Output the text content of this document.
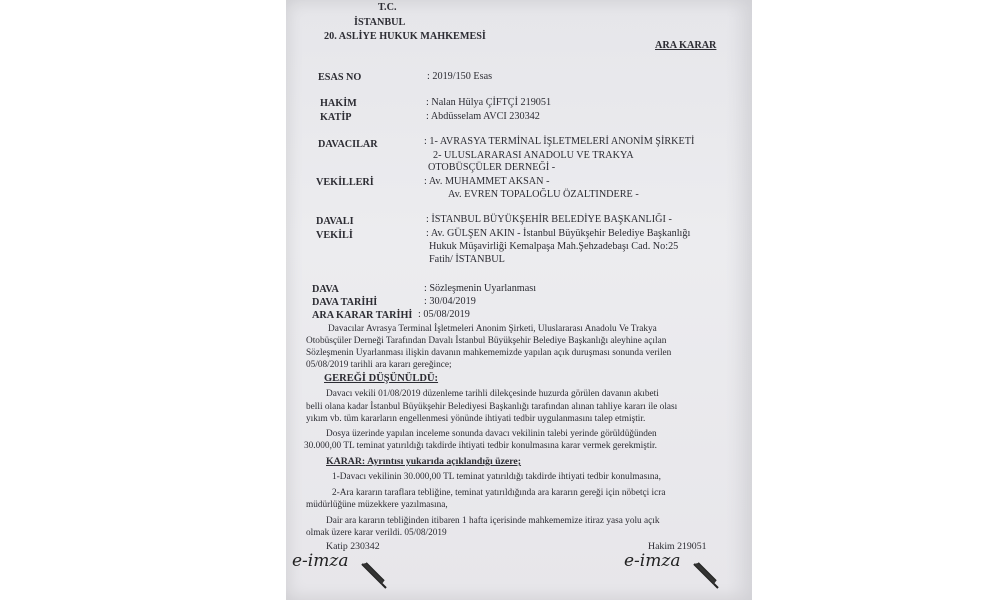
T.C.
İSTANBUL
20. ASLİYE HUKUK MAHKEMESİ
ARA KARAR
ESAS NO	: 2019/150 Esas
HAKİM	: Nalan Hülya ÇİFTÇİ 219051
KATİP	: Abdüsselam AVCI 230342
DAVACILAR	: 1- AVRASYA TERMİNAL İŞLETMELERİ ANONİM ŞİRKETİ
2- ULUSLARARASI ANADOLU VE TRAKYA
OTOBÜSÇÜLER DERNEĞİ -
VEKİLLERİ	: Av. MUHAMMET AKSAN -
Av. EVREN TOPALOĞLU ÖZALTINDERE -
DAVALI	: İSTANBUL BÜYÜKŞEHİR BELEDİYE BAŞKANLIĞI -
VEKİLİ	: Av. GÜLŞEN AKIN - İstanbul Büyükşehir Belediye Başkanlığı
Hukuk Müşavirliği Kemalpaşa Mah.Şehzadebaşı Cad. No:25
Fatih/ İSTANBUL
DAVA	: Sözleşmenin Uyarlanması
DAVA TARİHİ	: 30/04/2019
ARA KARAR TARİHİ : 05/08/2019
Davacılar Avrasya Terminal İşletmeleri Anonim Şirketi, Uluslararası Anadolu Ve Trakya
Otobüsçüler Derneği Tarafından Davalı İstanbul Büyükşehir Belediye Başkanlığı aleyhine açılan
Sözleşmenin Uyarlanması ilişkin davanın mahkememizde yapılan açık duruşması sonunda verilen
05/08/2019 tarihli ara kararı gereğince;
GEREĞİ DÜŞÜNÜLDÜ:
Davacı vekili 01/08/2019 düzenleme tarihli dilekçesinde huzurda görülen davanın akıbeti
belli olana kadar İstanbul Büyükşehir Belediyesi Başkanlığı tarafından alınan tahliye kararı ile olası
yıkım vb. tüm kararların engellenmesi yönünde ihtiyati tedbir uygulanmasını talep etmiştir.
Dosya üzerinde yapılan inceleme sonunda davacı vekilinin talebi yerinde görüldüğünden
30.000,00 TL teminat yatırıldığı takdirde ihtiyati tedbir konulmasına karar vermek gerekmiştir.
KARAR: Ayrıntısı yukarıda açıklandığı üzere;
1-Davacı vekilinin 30.000,00 TL teminat yatırıldığı takdirde ihtiyati tedbir konulmasına,
2-Ara kararın taraflara tebliğine, teminat yatırıldığında ara kararın gereği için nöbetçi icra
müdürlüğüne müzekkere yazılmasına,
Dair ara kararın tebliğinden itibaren 1 hafta içerisinde mahkememize itiraz yasa yolu açık
olmak üzere karar verildi. 05/08/2019
Katip 230342	Hakim 219051
e-imza	e-imza
